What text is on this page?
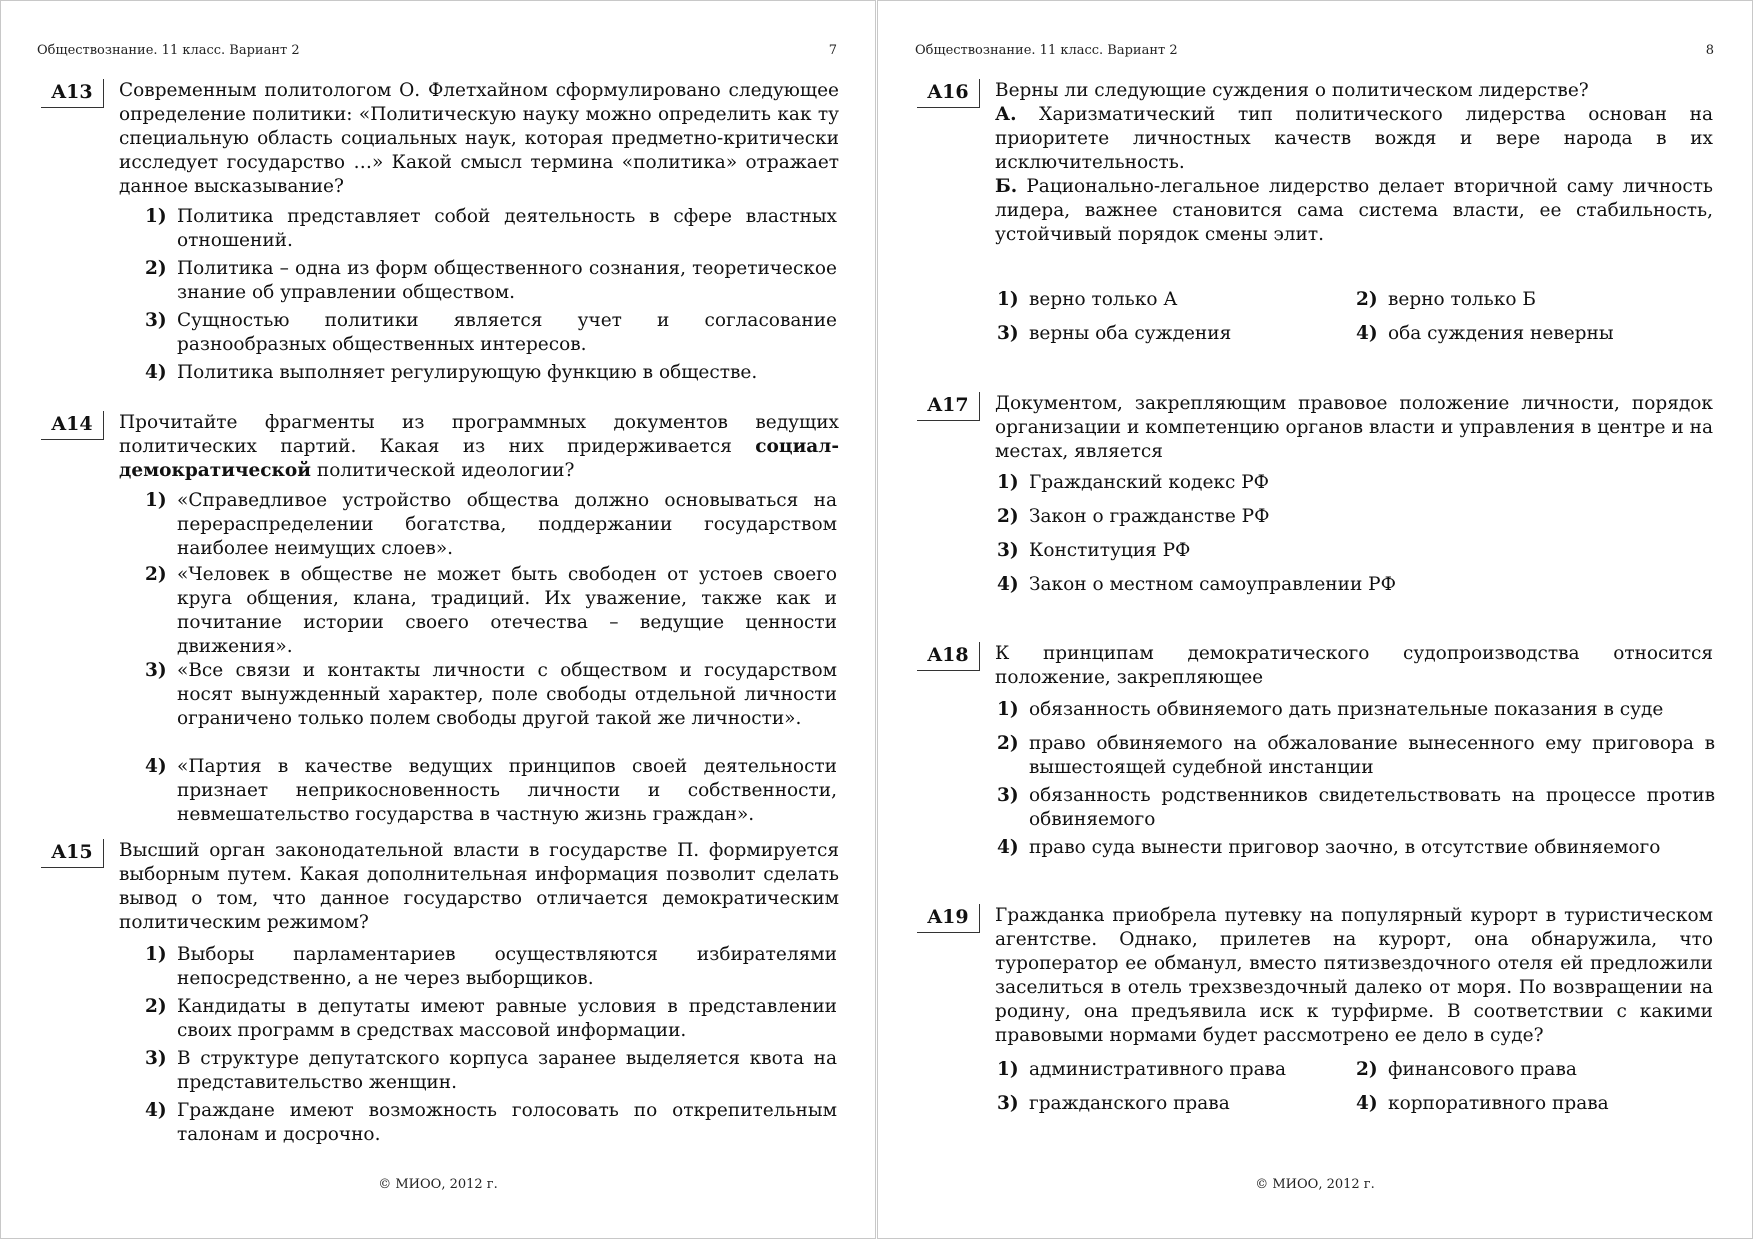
Обществознание. 11 класс. Вариант 2	7
A13	Современным политологом О. Флетхайном сформулировано следующее определение политики: «Политическую науку можно определить как ту специальную область социальных наук, которая предметно-критически исследует государство …» Какой смысл термина «политика» отражает данное высказывание?
1) Политика представляет собой деятельность в сфере властных отношений.
2) Политика – одна из форм общественного сознания, теоретическое знание об управлении обществом.
3) Сущностью политики является учет и согласование разнообразных общественных интересов.
4) Политика выполняет регулирующую функцию в обществе.
A14	Прочитайте фрагменты из программных документов ведущих политических партий. Какая из них придерживается социал-демократической политической идеологии?
1) «Справедливое устройство общества должно основываться на перераспределении богатства, поддержании государством наиболее неимущих слоев».
2) «Человек в обществе не может быть свободен от устоев своего круга общения, клана, традиций. Их уважение, также как и почитание истории своего отечества – ведущие ценности движения».
3) «Все связи и контакты личности с обществом и государством носят вынужденный характер, поле свободы отдельной личности ограничено только полем свободы другой такой же личности».
4) «Партия в качестве ведущих принципов своей деятельности признает неприкосновенность личности и собственности, невмешательство государства в частную жизнь граждан».
A15	Высший орган законодательной власти в государстве П. формируется выборным путем. Какая дополнительная информация позволит сделать вывод о том, что данное государство отличается демократическим политическим режимом?
1) Выборы парламентариев осуществляются избирателями непосредственно, а не через выборщиков.
2) Кандидаты в депутаты имеют равные условия в представлении своих программ в средствах массовой информации.
3) В структуре депутатского корпуса заранее выделяется квота на представительство женщин.
4) Граждане имеют возможность голосовать по открепительным талонам и досрочно.
© МИОО, 2012 г.
Обществознание. 11 класс. Вариант 2	8
A16	Верны ли следующие суждения о политическом лидерстве?
А. Харизматический тип политического лидерства основан на приоритете личностных качеств вождя и вере народа в их исключительность.
Б. Рационально-легальное лидерство делает вторичной саму личность лидера, важнее становится сама система власти, ее стабильность, устойчивый порядок смены элит.
1) верно только А	2) верно только Б
3) верны оба суждения	4) оба суждения неверны
A17	Документом, закрепляющим правовое положение личности, порядок организации и компетенцию органов власти и управления в центре и на местах, является
1) Гражданский кодекс РФ
2) Закон о гражданстве РФ
3) Конституция РФ
4) Закон о местном самоуправлении РФ
A18	К принципам демократического судопроизводства относится положение, закрепляющее
1) обязанность обвиняемого дать признательные показания в суде
2) право обвиняемого на обжалование вынесенного ему приговора в вышестоящей судебной инстанции
3) обязанность родственников свидетельствовать на процессе против обвиняемого
4) право суда вынести приговор заочно, в отсутствие обвиняемого
A19	Гражданка приобрела путевку на популярный курорт в туристическом агентстве. Однако, прилетев на курорт, она обнаружила, что туроператор ее обманул, вместо пятизвездочного отеля ей предложили заселиться в отель трехзвездочный далеко от моря. По возвращении на родину, она предъявила иск к турфирме. В соответствии с какими правовыми нормами будет рассмотрено ее дело в суде?
1) административного права	2) финансового права
3) гражданского права	4) корпоративного права
© МИОО, 2012 г.
